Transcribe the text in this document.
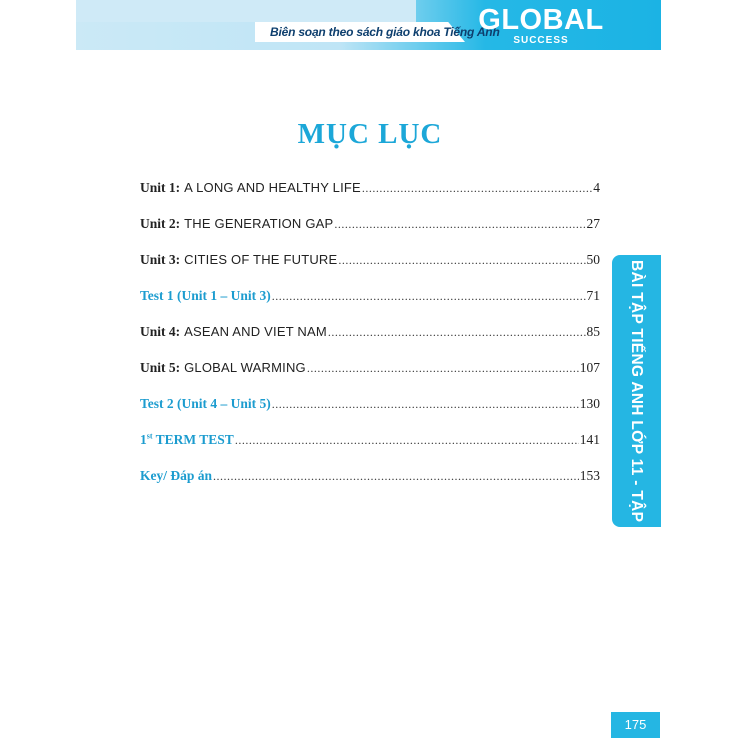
Biên soạn theo sách giáo khoa Tiếng Anh
GLOBAL
SUCCESS
MỤC LỤC
Unit 1: A LONG AND HEALTHY LIFE .....	4
Unit 2: THE GENERATION GAP .....	27
Unit 3: CITIES OF THE FUTURE .....	50
Test 1 (Unit 1 – Unit 3) .....	71
Unit 4: ASEAN AND VIET NAM .....	85
Unit 5: GLOBAL WARMING .....	107
Test 2 (Unit 4 – Unit 5) .....	130
1st TERM TEST .....	141
Key/ Đáp án .....	153	BÀI TẬP TIẾNG ANH LỚP 11 - TẬP 1
175
